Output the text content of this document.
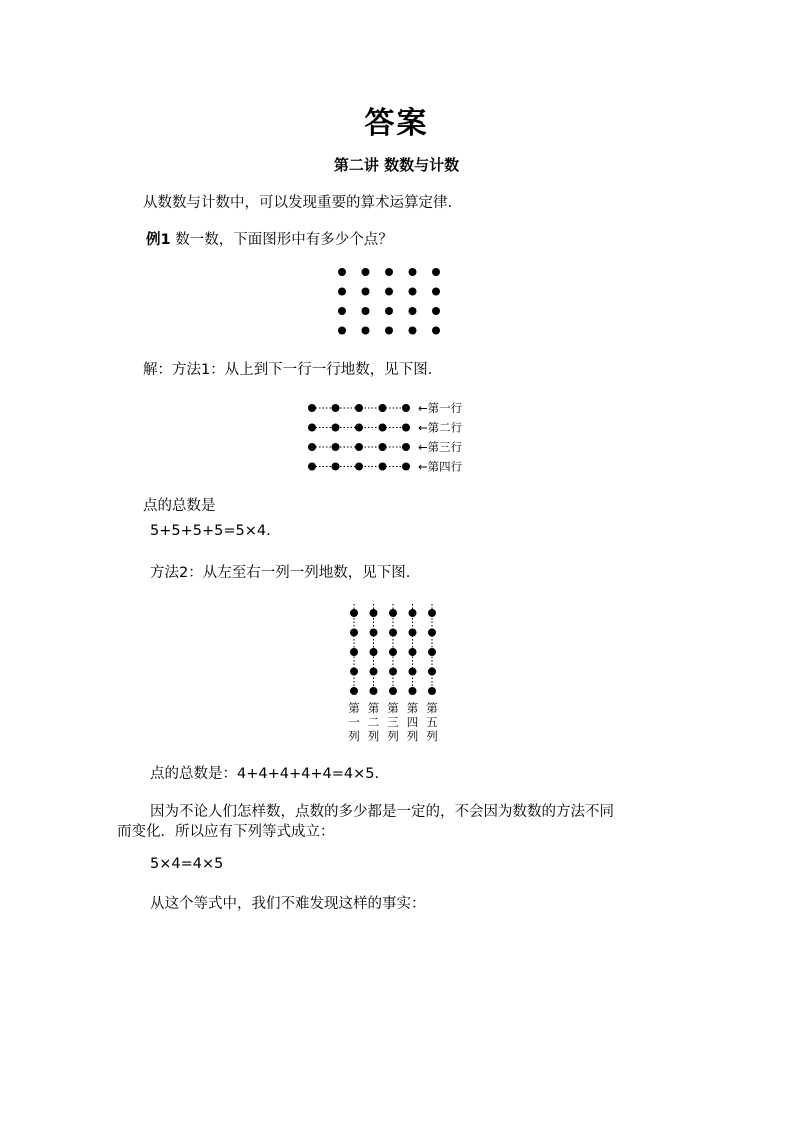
答案
第二讲 数数与计数
从数数与计数中，可以发现重要的算术运算定律.
例1 数一数，下面图形中有多少个点？
解：方法1：从上到下一行一行地数，见下图.
←第一行
←第二行
←第三行
←第四行
点的总数是
5+5+5+5=5×4.
方法2：从左至右一列一列地数，见下图.
第
一
列
第
二
列
第
三
列
第
四
列
第
五
列
点的总数是：4+4+4+4+4=4×5.
因为不论人们怎样数，点数的多少都是一定的，不会因为数数的方法不同
而变化．所以应有下列等式成立：
5×4=4×5
从这个等式中，我们不难发现这样的事实：
